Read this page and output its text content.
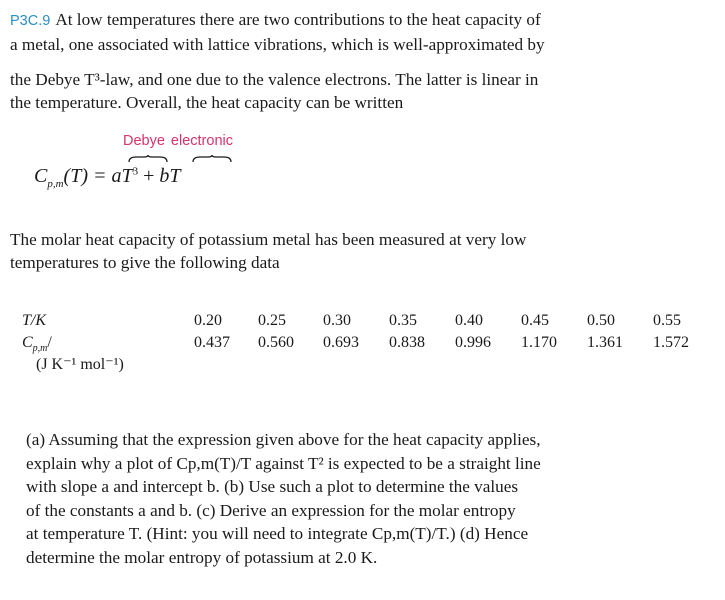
P3C.9 At low temperatures there are two contributions to the heat capacity of
a metal, one associated with lattice vibrations, which is well-approximated by
the Debye T³-law, and one due to the valence electrons. The latter is linear in
the temperature. Overall, the heat capacity can be written
Debye electronic
$C_{p,m}(T) = aT^3$ + bT
The molar heat capacity of potassium metal has been measured at very low
temperatures to give the following data
T/K	0.20	0.25	0.30	0.35	0.40	0.45	0.50	0.55
$C_{p,m}/$
(J K⁻¹ mol⁻¹)	0.437	0.560	0.693	0.838	0.996	1.170	1.361	1.572
(a) Assuming that the expression given above for the heat capacity applies,
explain why a plot of Cp,m(T)/T against T² is expected to be a straight line
with slope a and intercept b. (b) Use such a plot to determine the values
of the constants a and b. (c) Derive an expression for the molar entropy
at temperature T. (Hint: you will need to integrate Cp,m(T)/T.) (d) Hence
determine the molar entropy of potassium at 2.0 K.
